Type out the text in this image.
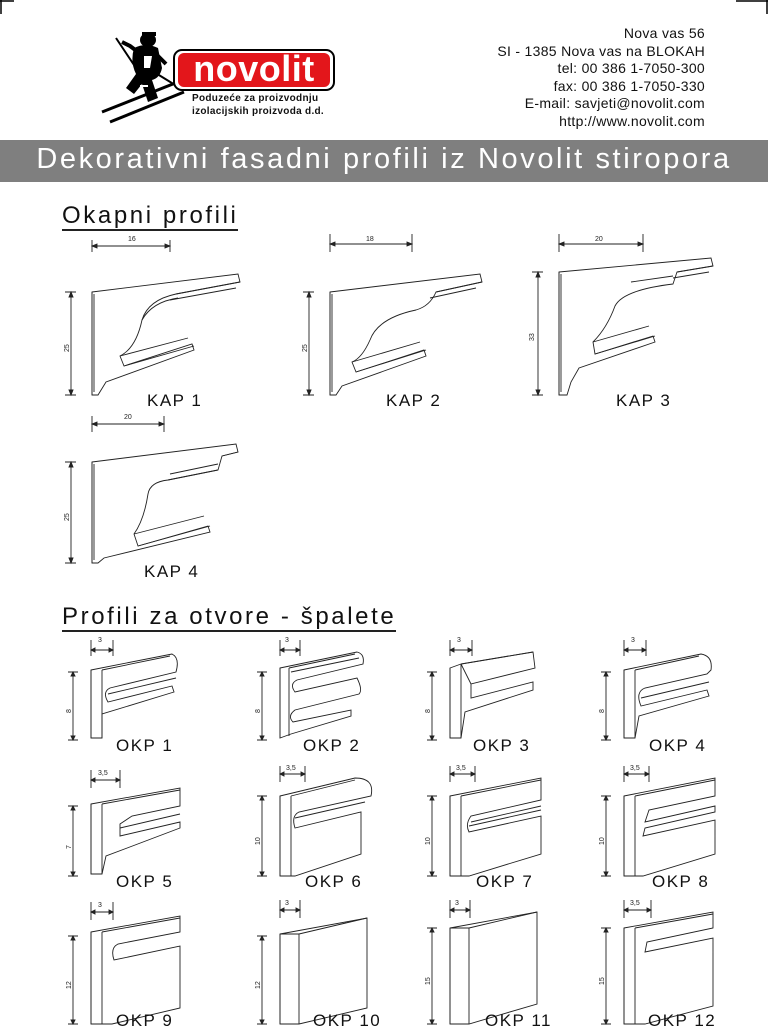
novolit
Poduzeće za proizvodnju
izolacijskih proizvoda d.d.
Nova vas 56
SI - 1385 Nova vas na BLOKAH
tel: 00 386 1-7050-300
fax: 00 386 1-7050-330
E-mail: savjeti@novolit.com
http://www.novolit.com
Dekorativni fasadni profili iz Novolit stiropora
Okapni profili
Profili za otvore - špalete
16
25
KAP 1
18
25
KAP 2
20
33
KAP 3
20
25
KAP 4
3
8
OKP 1
3
8
OKP 2
3
8
OKP 3
3
8
OKP 4
3,5
7
OKP 5
3,5
10
OKP 6
3,5
10
OKP 7
3,5
10
OKP 8
3
12
OKP 9
3
12
OKP 10
3
15
OKP 11
3,5
15
OKP 12
